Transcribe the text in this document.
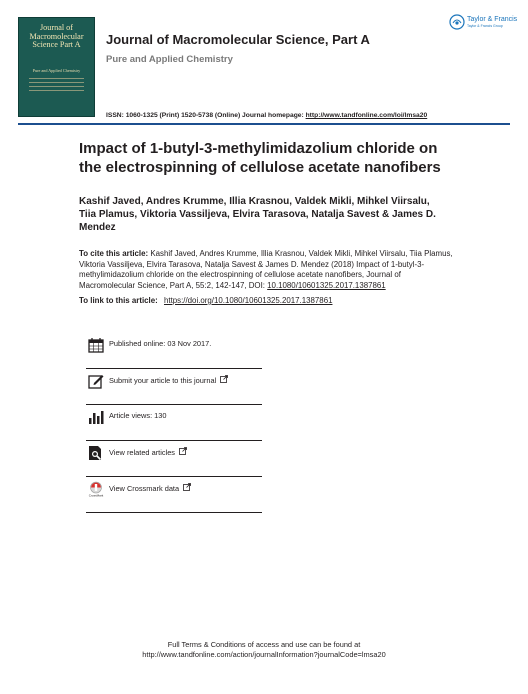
Journal of Macromolecular Science Part A
Pure and Applied Chemistry
Journal of Macromolecular Science, Part A
Pure and Applied Chemistry
Taylor & Francis
Taylor & Francis Group
ISSN: 1060-1325 (Print) 1520-5738 (Online) Journal homepage: http://www.tandfonline.com/loi/lmsa20
Impact of 1-butyl-3-methylimidazolium chloride on the electrospinning of cellulose acetate nanofibers
Kashif Javed, Andres Krumme, Illia Krasnou, Valdek Mikli, Mihkel Viirsalu, Tiia Plamus, Viktoria Vassiljeva, Elvira Tarasova, Natalja Savest & James D. Mendez
To cite this article: Kashif Javed, Andres Krumme, Illia Krasnou, Valdek Mikli, Mihkel Viirsalu, Tiia Plamus, Viktoria Vassiljeva, Elvira Tarasova, Natalja Savest & James D. Mendez (2018) Impact of 1-butyl-3-methylimidazolium chloride on the electrospinning of cellulose acetate nanofibers, Journal of Macromolecular Science, Part A, 55:2, 142-147, DOI: 10.1080/10601325.2017.1387861
To link to this article: https://doi.org/10.1080/10601325.2017.1387861
Published online: 03 Nov 2017.
Submit your article to this journal
Article views: 130
View related articles
CrossMark
View Crossmark data
Full Terms & Conditions of access and use can be found at
http://www.tandfonline.com/action/journalInformation?journalCode=lmsa20
